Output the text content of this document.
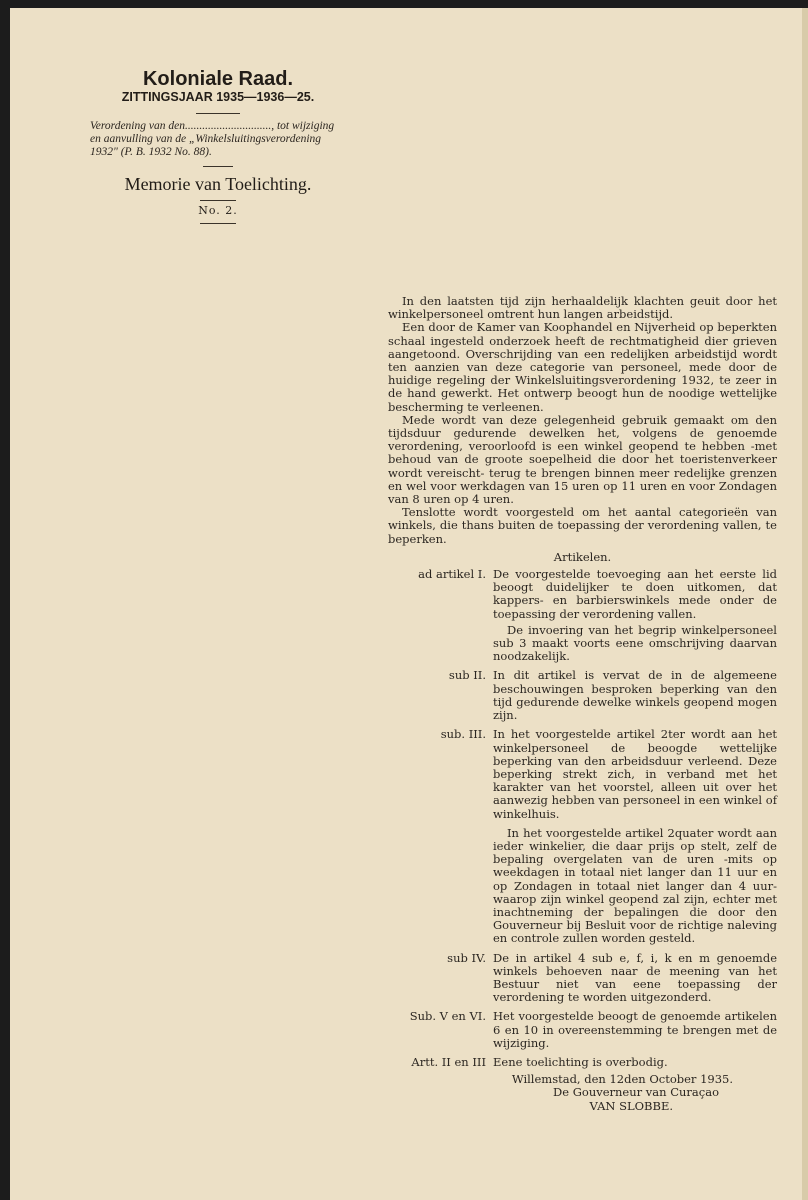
Koloniale Raad.
ZITTINGSJAAR 1935—1936—25.
Verordening van den.............................., tot wijziging en aanvulling van de „Winkelsluitingsverordening 1932" (P. B. 1932 No. 88).
Memorie van Toelichting.
No. 2.

In den laatsten tijd zijn herhaaldelijk klachten geuit door het winkelpersoneel omtrent hun langen arbeidstijd.

Een door de Kamer van Koophandel en Nijverheid op beperkten schaal ingesteld onderzoek heeft de rechtmatigheid dier grieven aangetoond. Overschrijding van een redelijken arbeidstijd wordt ten aanzien van deze categorie van personeel, mede door de huidige regeling der Winkelsluitingsverordening 1932, te zeer in de hand gewerkt. Het ontwerp beoogt hun de noodige wettelijke bescherming te verleenen.

Mede wordt van deze gelegenheid gebruik gemaakt om den tijdsduur gedurende dewelken het, volgens de genoemde verordening, veroorloofd is een winkel geopend te hebben -met behoud van de groote soepelheid die door het toeristenverkeer wordt vereischt- terug te brengen binnen meer redelijke grenzen en wel voor werkdagen van 15 uren op 11 uren en voor Zondagen van 8 uren op 4 uren.

Tenslotte wordt voorgesteld om het aantal categorieën van winkels, die thans buiten de toepassing der verordening vallen, te beperken.

Artikelen.
ad artikel I. De voorgestelde toevoeging aan het eerste lid beoogt duidelijker te doen uitkomen, dat kappers- en barbierswinkels mede onder de toepassing der verordening vallen.

De invoering van het begrip winkelpersoneel sub 3 maakt voorts eene omschrijving daarvan noodzakelijk.

sub II. In dit artikel is vervat de in de algemeene beschouwingen besproken beperking van den tijd gedurende dewelke winkels geopend mogen zijn.

sub. III. In het voorgestelde artikel 2ter wordt aan het winkelpersoneel de beoogde wettelijke beperking van den arbeidsduur verleend. Deze beperking strekt zich, in verband met het karakter van het voorstel, alleen uit over het aanwezig hebben van personeel in een winkel of winkelhuis.

In het voorgestelde artikel 2quater wordt aan ieder winkelier, die daar prijs op stelt, zelf de bepaling overgelaten van de uren -mits op weekdagen in totaal niet langer dan 11 uur en op Zondagen in totaal niet langer dan 4 uur- waarop zijn winkel geopend zal zijn, echter met inachtneming der bepalingen die door den Gouverneur bij Besluit voor de richtige naleving en controle zullen worden gesteld.

sub IV. De in artikel 4 sub e, f, i, k en m genoemde winkels behoeven naar de meening van het Bestuur niet van eene toepassing der verordening te worden uitgezonderd.

Sub. V en VI. Het voorgestelde beoogt de genoemde artikelen 6 en 10 in overeenstemming te brengen met de wijziging.

Artt. II en III Eene toelichting is overbodig.

Willemstad, den 12den October 1935.
De Gouverneur van Curaçao
VAN SLOBBE.
